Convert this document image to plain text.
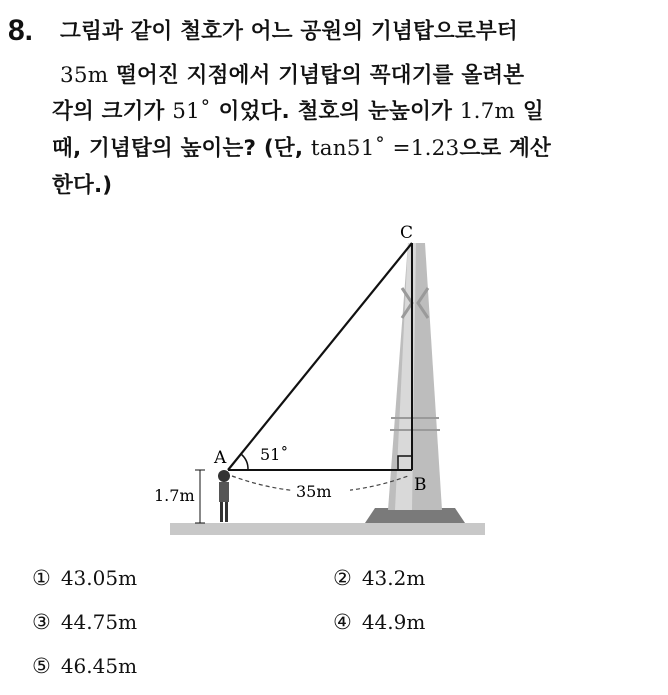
8. 그림과 같이 철호가 어느 공원의 기념탑으로부터
35m 떨어진 지점에서 기념탑의 꼭대기를 올려본
각의 크기가 51˚ 이었다. 철호의 눈높이가 1.7m 일
때, 기념탑의 높이는? (단, tan51˚ =1.23으로 계산
한다.)
C
A
B
51˚
1.7m	35m
① 43.05m	② 43.2m
③ 44.75m	④ 44.9m
⑤ 46.45m
